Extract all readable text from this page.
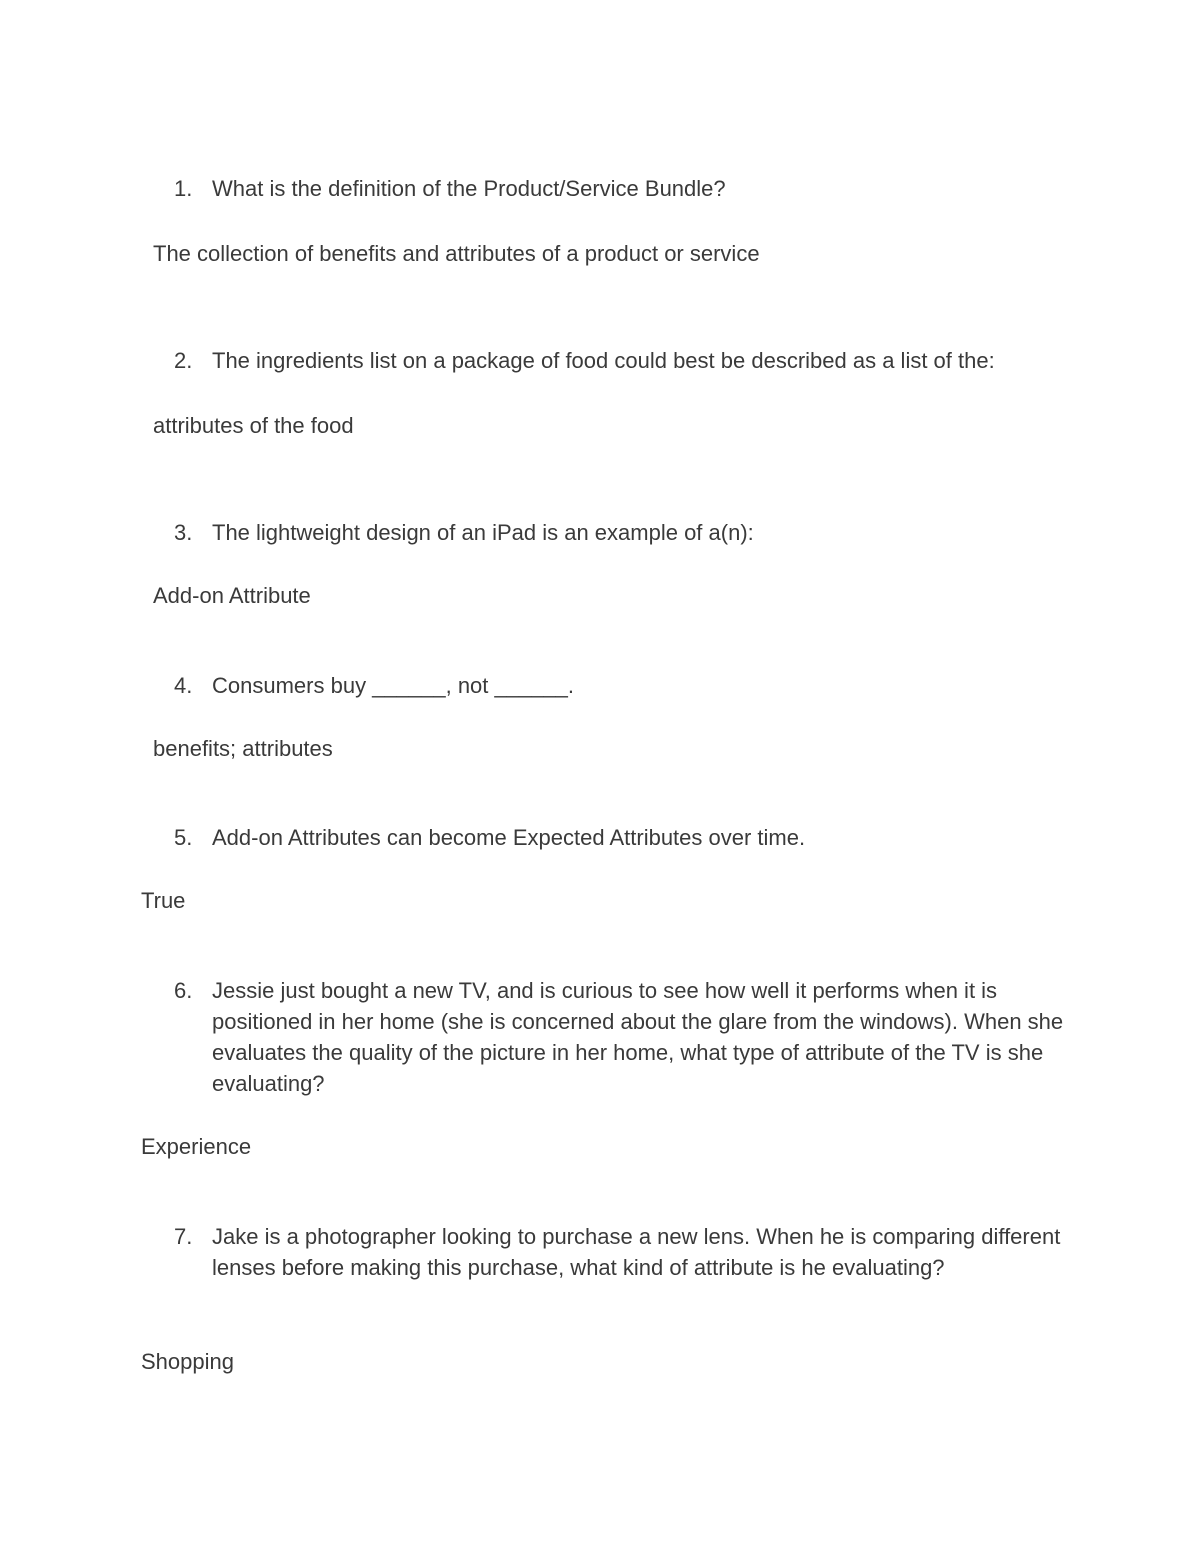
1. What is the definition of the Product/Service Bundle?
The collection of benefits and attributes of a product or service
2. The ingredients list on a package of food could best be described as a list of the:
attributes of the food
3. The lightweight design of an iPad is an example of a(n):
Add-on Attribute
4. Consumers buy ______, not ______.
benefits; attributes
5. Add-on Attributes can become Expected Attributes over time.
True
6. Jessie just bought a new TV, and is curious to see how well it performs when it is positioned in her home (she is concerned about the glare from the windows). When she evaluates the quality of the picture in her home, what type of attribute of the TV is she evaluating?
Experience
7. Jake is a photographer looking to purchase a new lens. When he is comparing different lenses before making this purchase, what kind of attribute is he evaluating?
Shopping
